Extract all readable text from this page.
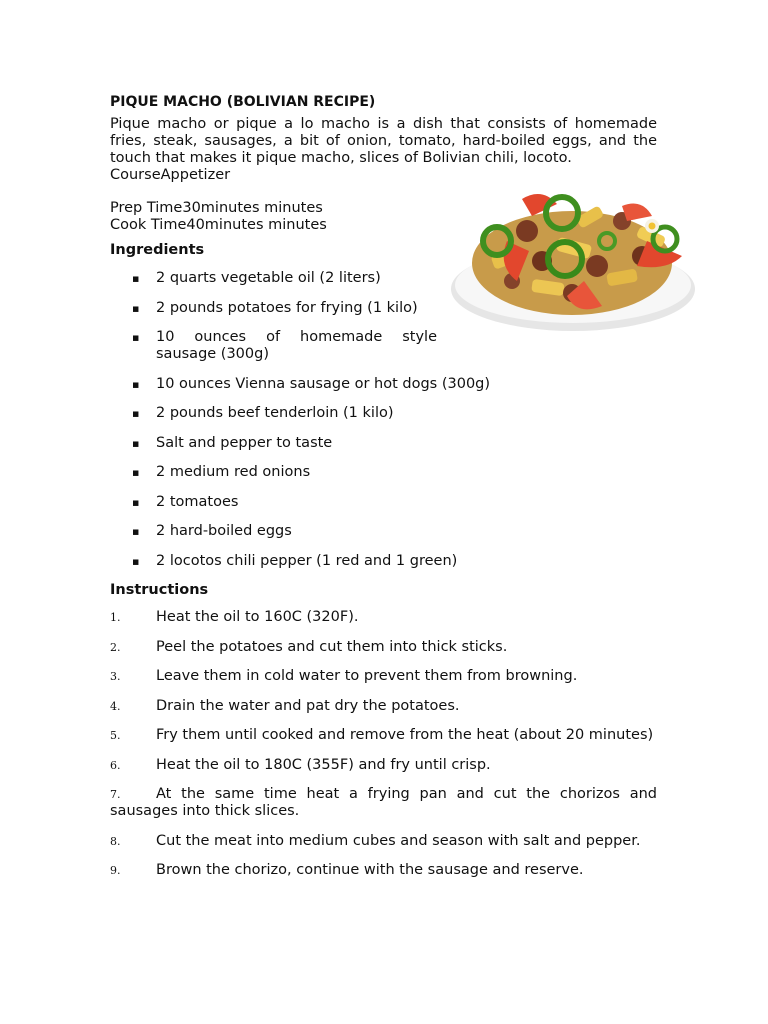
PIQUE MACHO (BOLIVIAN RECIPE)

Pique macho or pique a lo macho is a dish that consists of homemade fries, steak, sausages, a bit of onion, tomato, hard-boiled eggs, and the touch that makes it pique macho, slices of Bolivian chili, locoto.

CourseAppetizer

Prep Time30minutes minutes

Cook Time40minutes minutes

Ingredients

▪ 2 quarts vegetable oil (2 liters)
▪ 2 pounds potatoes for frying (1 kilo)
▪ 10 ounces of homemade style sausage (300g)
▪ 10 ounces Vienna sausage or hot dogs (300g)
▪ 2 pounds beef tenderloin (1 kilo)
▪ Salt and pepper to taste
▪ 2 medium red onions
▪ 2 tomatoes
▪ 2 hard-boiled eggs
▪ 2 locotos chili pepper (1 red and 1 green)

Instructions

1. Heat the oil to 160C (320F).
2. Peel the potatoes and cut them into thick sticks.
3. Leave them in cold water to prevent them from browning.
4. Drain the water and pat dry the potatoes.
5. Fry them until cooked and remove from the heat (about 20 minutes)
6. Heat the oil to 180C (355F) and fry until crisp.
7. At the same time heat a frying pan and cut the chorizos and sausages into thick slices.
8. Cut the meat into medium cubes and season with salt and pepper.
9. Brown the chorizo, continue with the sausage and reserve.
